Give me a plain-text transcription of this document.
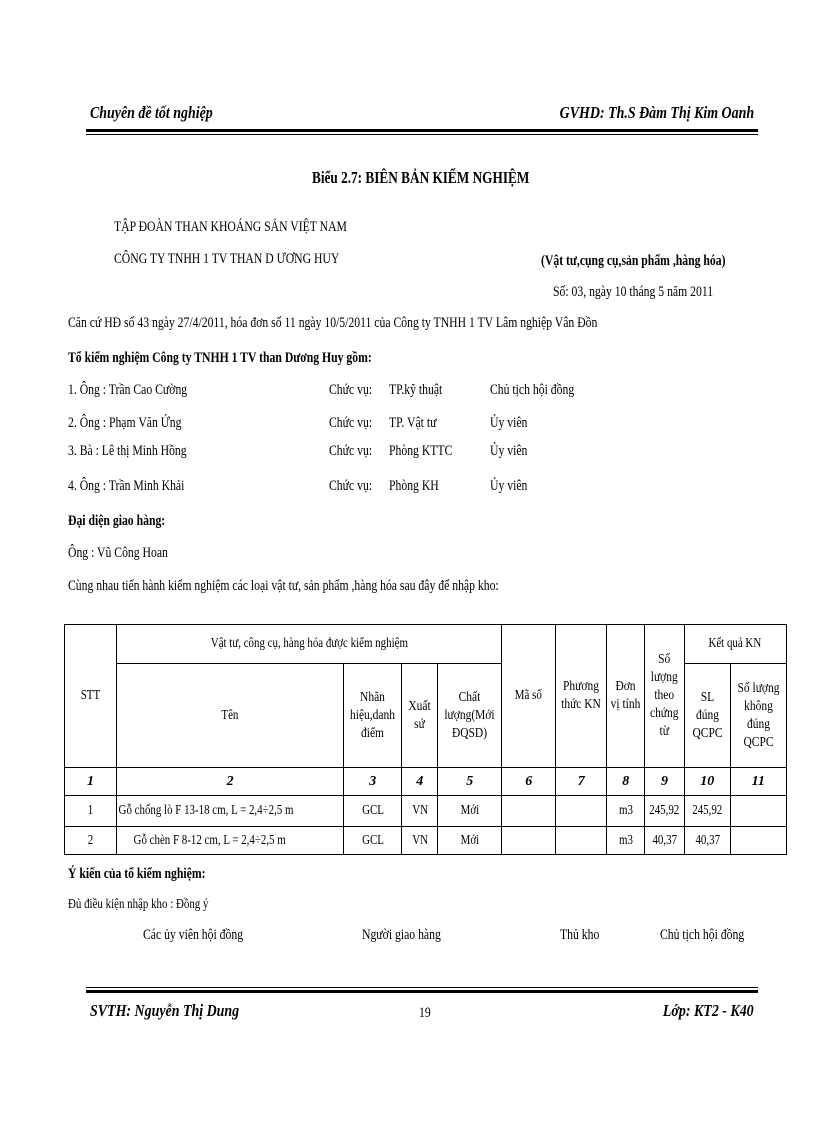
Chuyên đề tốt nghiệp	GVHD: Th.S Đàm Thị Kim Oanh
Biểu 2.7: BIÊN BẢN KIỂM NGHIỆM
TẬP ĐOÀN THAN KHOÁNG SẢN VIỆT NAM
CÔNG TY TNHH 1 TV THAN D ƯƠNG HUY	(Vật tư,cụng cụ,sản phẩm ,hàng hóa)
Số: 03, ngày 10 tháng 5 năm 2011
Căn cứ HĐ số 43 ngày 27/4/2011, hóa đơn số 11 ngày 10/5/2011 của Công ty TNHH 1 TV Lâm nghiệp Vân Đồn
Tổ kiểm nghiệm Công ty TNHH 1 TV than Dương Huy gồm:
1. Ông : Trần Cao Cường	Chức vụ: TP.kỹ thuật	Chủ tịch hội đồng
2. Ông : Phạm Văn Ứng	Chức vụ: TP. Vật tư	Ủy viên
3. Bà : Lê thị Minh Hồng	Chức vụ: Phòng KTTC	Ủy viên
4. Ông : Trần Minh Khải	Chức vụ: Phòng KH	Ủy viên
Đại diện giao hàng:
Ông : Vũ Công Hoan
Cùng nhau tiến hành kiểm nghiệm các loại vật tư, sản phẩm ,hàng hóa sau đây để nhập kho:
STT	Vật tư, công cụ, hàng hóa được kiểm nghiệm				Mã số	Phương thức KN	Đơn vị tính	Số lượng theo chứng từ	Kết quả KN	
	Tên	Nhãn hiệu,danh điểm	Xuất sứ	Chất lượng(Mới ĐQSD)					SL đúng QCPC	Số lượng không đúng QCPC
1	2	3	4	5	6	7	8	9	10	11
1	Gỗ chống lò F 13-18 cm, L = 2,4÷2,5 m	GCL	VN	Mới			m3	245,92	245,92	
2	Gỗ chèn F 8-12 cm, L = 2,4÷2,5 m	GCL	VN	Mới			m3	40,37	40,37	
Ý kiến của tổ kiểm nghiệm:
Đủ điều kiện nhập kho : Đồng ý
Các ủy viên hội đồng	Người giao hàng	Thủ kho	Chủ tịch hội đồng
SVTH: Nguyễn Thị Dung	19	Lớp: KT2 - K40
